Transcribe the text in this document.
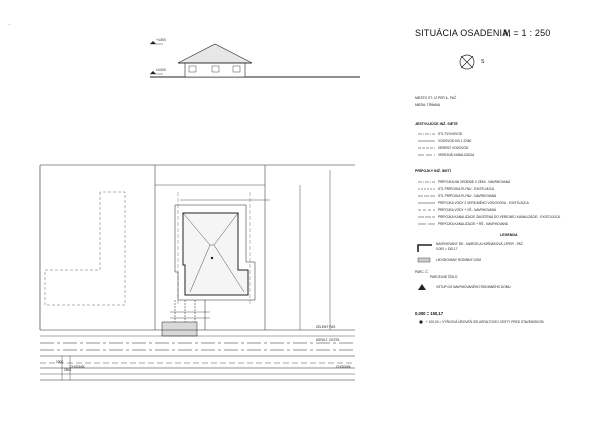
—
+4,500
±0,000
SITUÁCIA OSADENIA,
M = 1 : 250
S
MIESTO ST.: IZ PER IL. PAČ
MIERA: TÍRNAVA
JESTVUJÚCE INŽ. SIETE
STL PLYNOVOD
VODOVOD DN 1 22/60
VERENÝ VODOVOD
VEREJNÁ KANALIZÁCIA
PRÍPOJKY INŽ. SIETÍ
PRÍPOJKA NN VEDENIE V ZEMI - NAVRHOVANÁ
STL PRÍPOJKA PLYNU - EXISTUJÚCA
STL PRÍPOJKA PLYNU - NAVRHOVANÁ
PRÍPOJKA VODY Z VEREJNÉHO VODOVODU - EXISTUJÚCA
PRÍPOJKA VODY + VŠ - NAVRHOVANÁ
PRÍPOJKA KANALIZÁCIE ZAÚSTENÁ DO VEREJNEJ KANALIZÁCIE - EXISTUJÚCA
PRÍPOJKA KANALIZÁCIE + RŠ - NAVRHOVANÁ
LEGENDA
NAVRHOVANÝ RD - MARCELA HORNÁKOVÁ, IZPER - PAČ
0,000 = 150,17
LIKVIDOVANÝ RODINNÝ DOM
PARC. Č.
PARCELNÉ ČÍSLO
VSTUP DO NAVRHOVANÉHO RODINNÉHO DOMU
0,000 = 150,17
+ 100,00 = VÝŠKOVÁ ÚROVEŇ OSI ASFALTOVEJ CESTY PRED STAVENISKOM
ZELENÝ PAS
ASFALT. CESTA
CHODNÍK	CHODNÍK
2000
2500
